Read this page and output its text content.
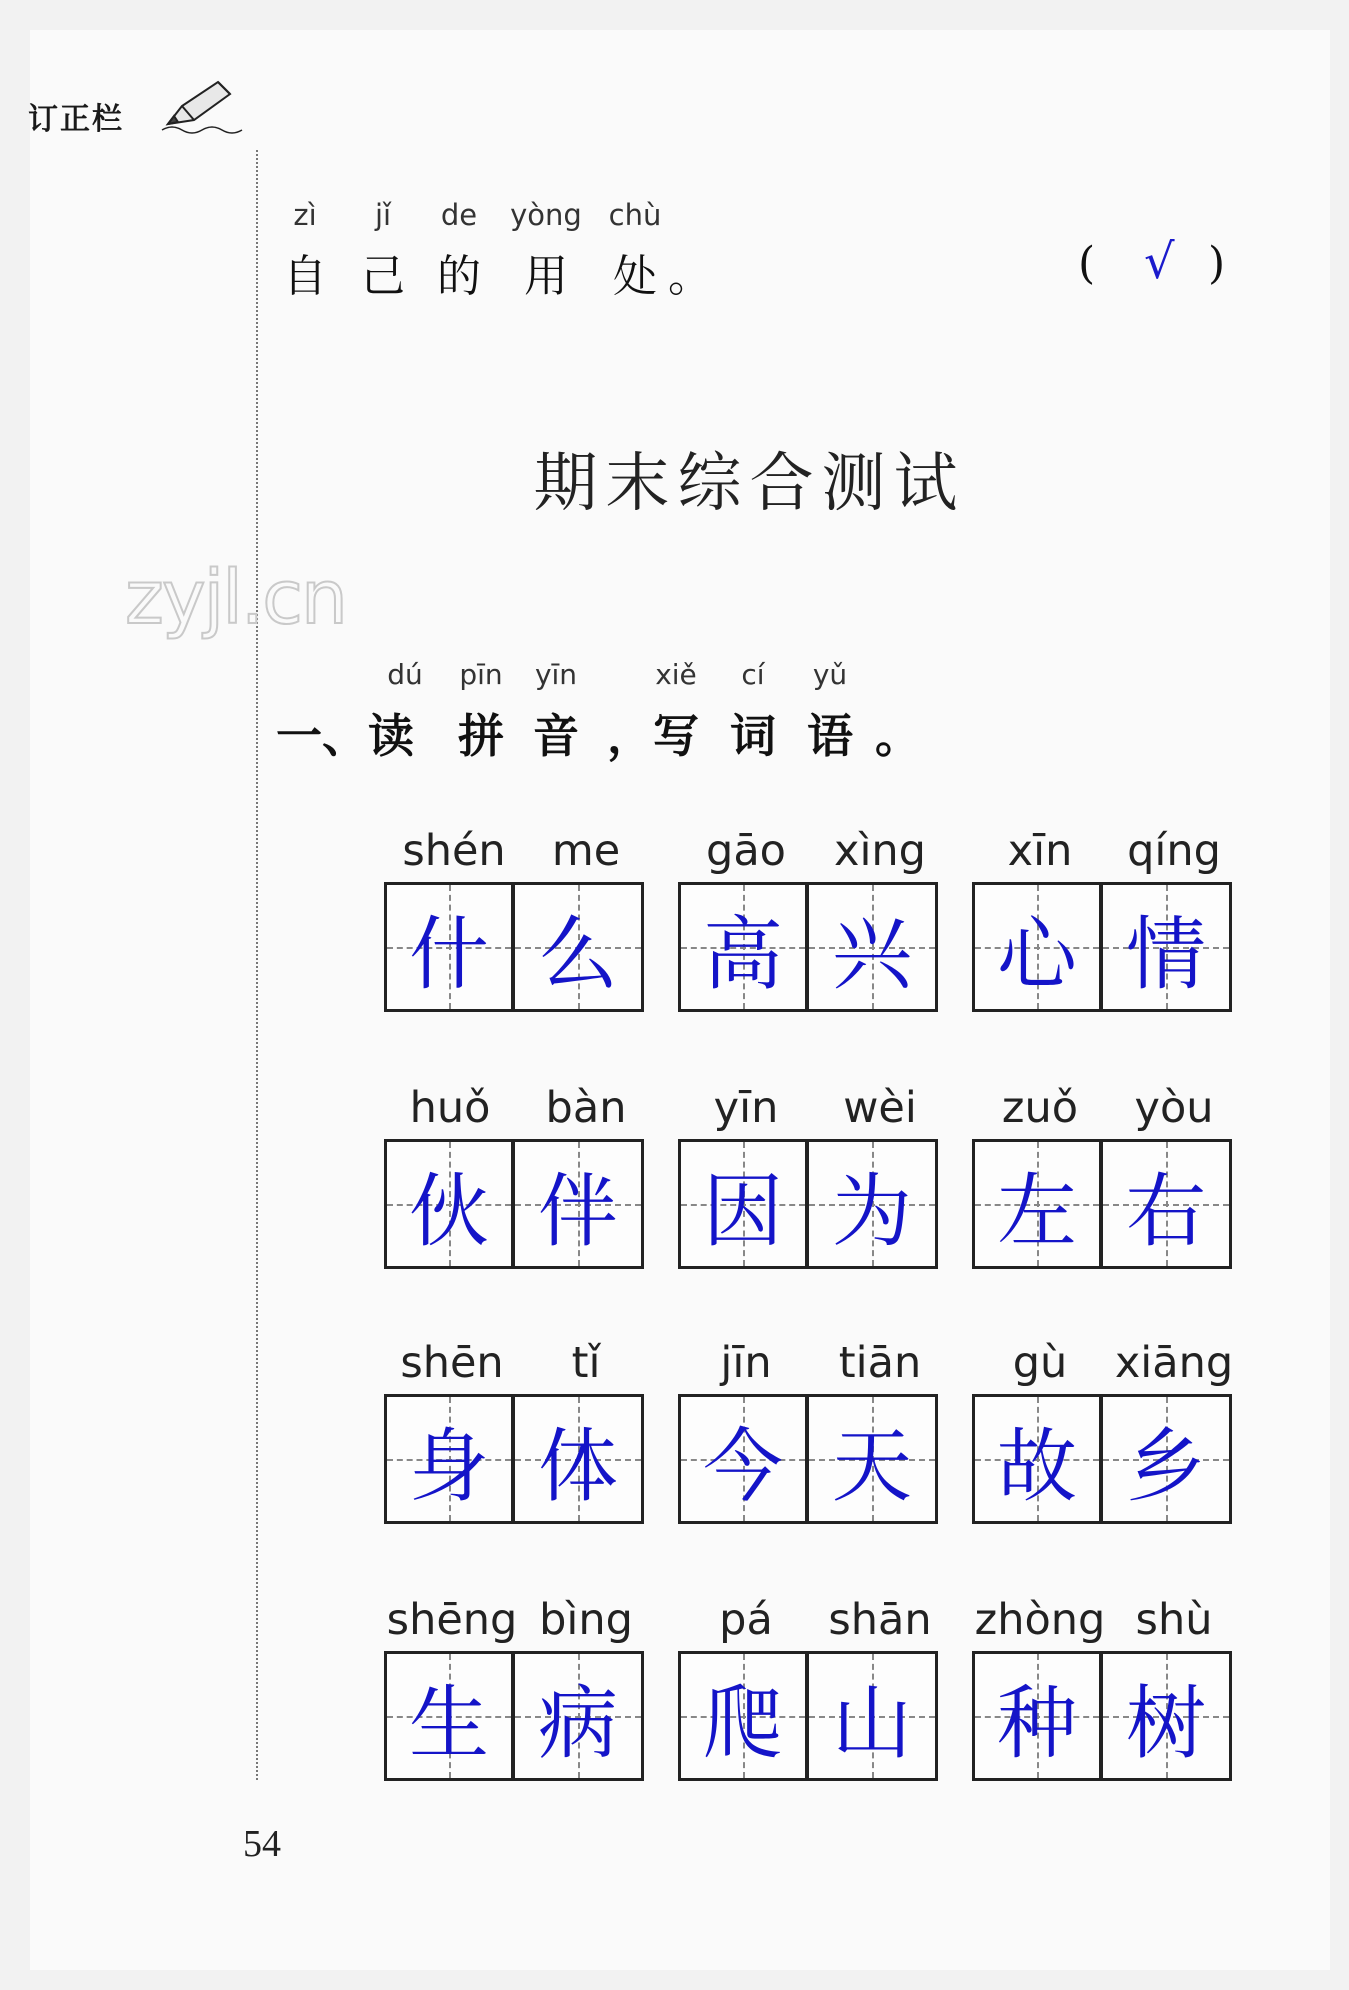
订正栏
zyjl.cn
zì jǐ de yòng chù
自 己 的 用 处 。	( √ )
期末综合测试
dú pīn yīn	xiě cí yǔ
一、读 拼 音 ，写 词 语 。
shén me
什 么
gāo xìng
高 兴
xīn qíng
心 情
huǒ bàn
伙 伴
yīn wèi
因 为
zuǒ yòu
左 右
shēn tǐ
身 体
jīn tiān
今 天
gù xiāng
故 乡
shēng bìng
生 病
pá shān
爬 山
zhòng shù
种 树
54
